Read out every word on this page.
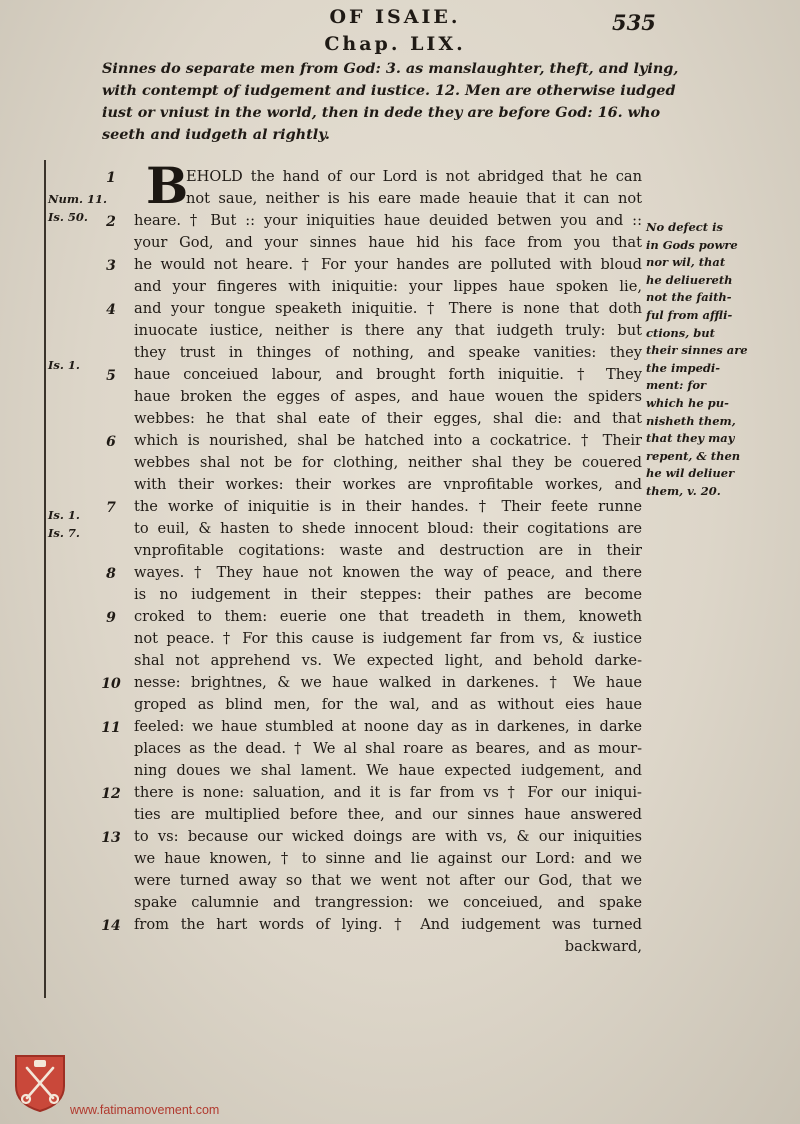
OF ISAIE.	535
Chap. LIX.

Sinnes do separate men from God: 3. as manslaughter, theft, and lying,

with contempt of iudgement and iustice. 12. Men are otherwise iudged

iust or vniust in the world, then in dede they are before God: 16. who

seeth and iudgeth al rightly.

Num. 11.
Is. 50.
Is. 1.
Is. 1.
Is. 7.
B
1
2
3
4
5
6
7
8
9
10
11
12
13
14
EHOLD the hand of our Lord is not abridged that he can
not saue, neither is his eare made heauie that it can not
heare. † But :: your iniquities haue deuided betwen you and ::
your God, and your sinnes haue hid his face from you that
he would not heare. † For your handes are polluted with bloud
and your fingeres with iniquitie: your lippes haue spoken lie,
and your tongue speaketh iniquitie. † There is none that doth
inuocate iustice, neither is there any that iudgeth truly: but
they trust in thinges of nothing, and speake vanities: they
haue conceiued labour, and brought forth iniquitie. † They
haue broken the egges of aspes, and haue wouen the spiders
webbes: he that shal eate of their egges, shal die: and that
which is nourished, shal be hatched into a cockatrice. † Their
webbes shal not be for clothing, neither shal they be couered
with their workes: their workes are vnprofitable workes, and
the worke of iniquitie is in their handes. † Their feete runne
to euil, & hasten to shede innocent bloud: their cogitations are
vnprofitable cogitations: waste and destruction are in their
wayes. † They haue not knowen the way of peace, and there
is no iudgement in their steppes: their pathes are become
croked to them: euerie one that treadeth in them, knoweth
not peace. † For this cause is iudgement far from vs, & iustice
shal not apprehend vs. We expected light, and behold darke-
nesse: brightnes, & we haue walked in darkenes. † We haue
groped as blind men, for the wal, and as without eies haue
feeled: we haue stumbled at noone day as in darkenes, in darke
places as the dead. † We al shal roare as beares, and as mour-
ning doues we shal lament. We haue expected iudgement, and
there is none: saluation, and it is far from vs † For our iniqui-
ties are multiplied before thee, and our sinnes haue answered
to vs: because our wicked doings are with vs, & our iniquities
we haue knowen, † to sinne and lie against our Lord: and we
were turned away so that we went not after our God, that we
spake calumnie and trangression: we conceiued, and spake
from the hart words of lying. † And iudgement was turned
backward,
No defect is
in Gods powre
nor wil, that
he deliuereth
not the faith-
ful from affli-
ctions, but
their sinnes are
the impedi-
ment: for
which he pu-
nisheth them,
that they may
repent, & then
he wil deliuer
them, v. 20.
www.fatimamovement.com
